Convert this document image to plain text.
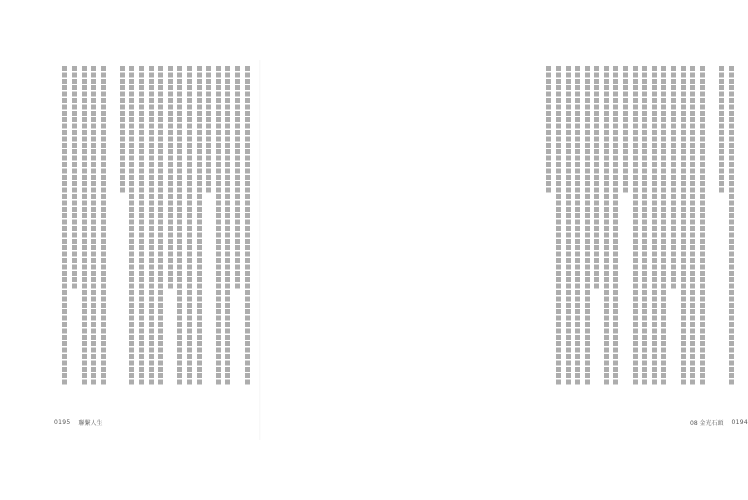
0195 聯繫人生
	08 金光石頭 0194
